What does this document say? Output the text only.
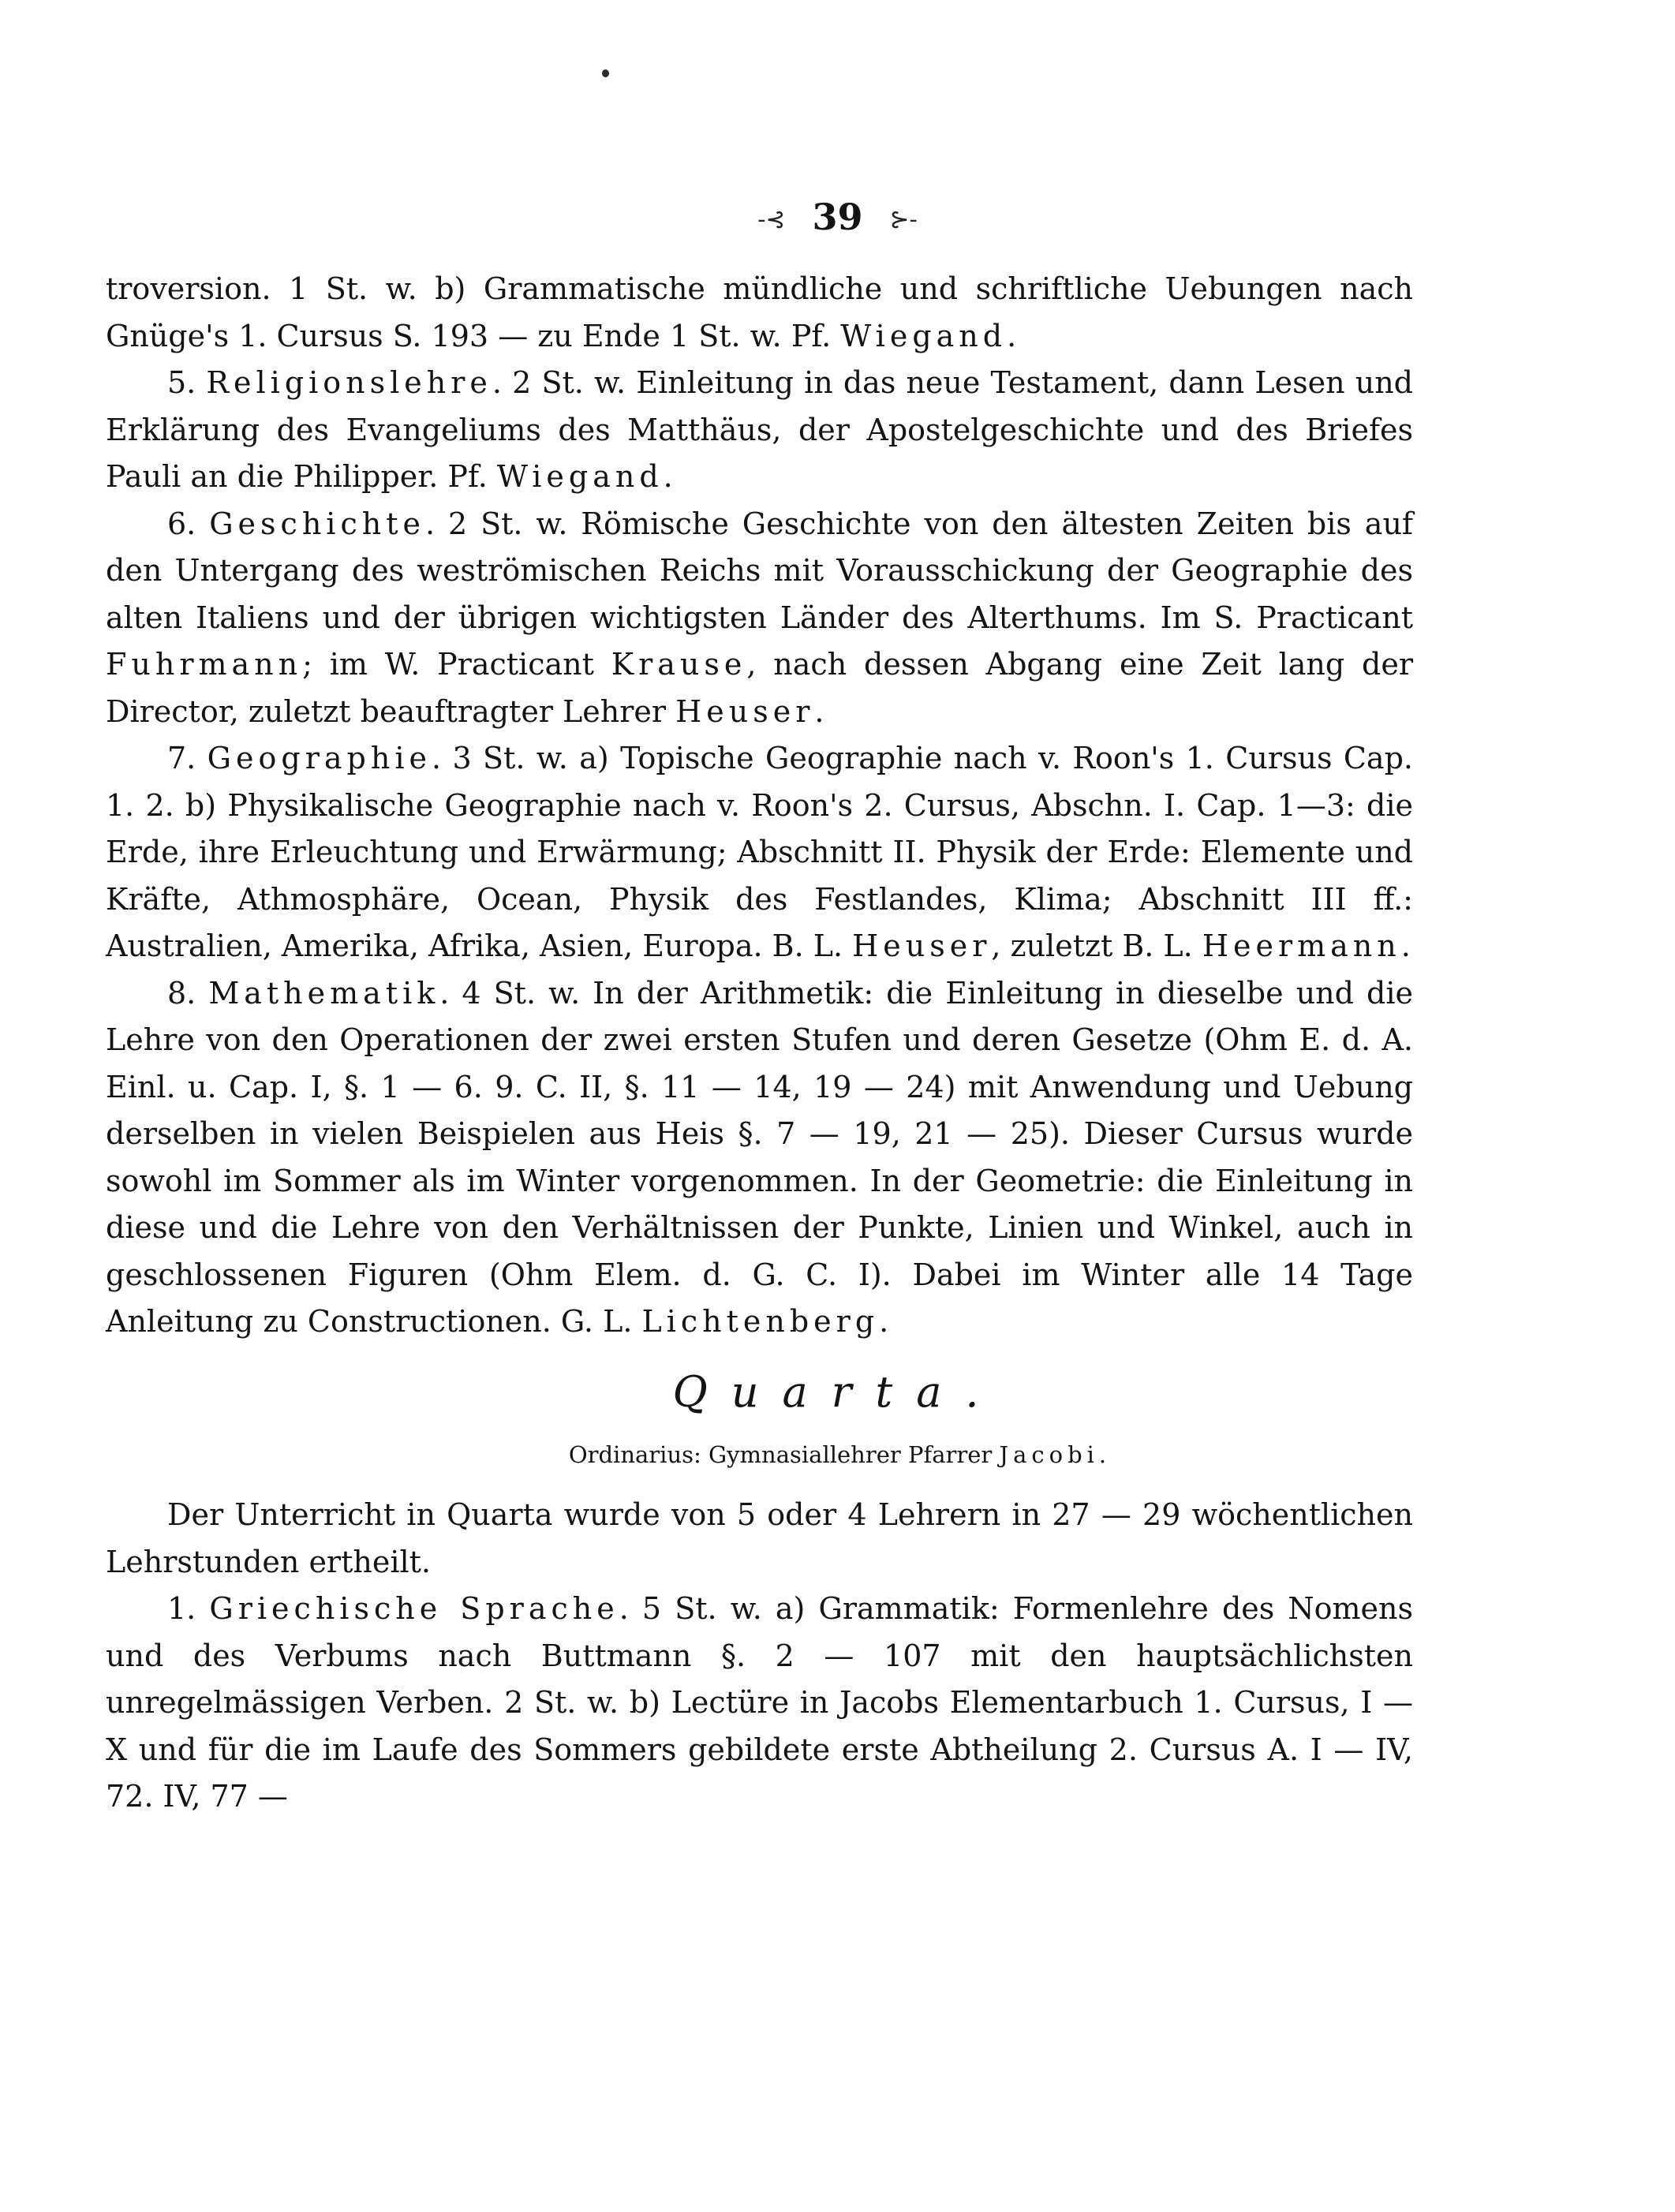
-⊰ 39 ⊱-

troversion. 1 St. w. b) Grammatische mündliche und schriftliche Uebungen nach Gnüge's 1. Cursus S. 193 — zu Ende 1 St. w. Pf. Wiegand.

5. Religionslehre. 2 St. w. Einleitung in das neue Testament, dann Lesen und Erklärung des Evangeliums des Matthäus, der Apostelgeschichte und des Briefes Pauli an die Philipper. Pf. Wiegand.

6. Geschichte. 2 St. w. Römische Geschichte von den ältesten Zeiten bis auf den Untergang des weströmischen Reichs mit Vorausschickung der Geographie des alten Italiens und der übrigen wichtigsten Länder des Alterthums. Im S. Practicant Fuhrmann; im W. Practicant Krause, nach dessen Abgang eine Zeit lang der Director, zuletzt beauftragter Lehrer Heuser.

7. Geographie. 3 St. w. a) Topische Geographie nach v. Roon's 1. Cursus Cap. 1. 2. b) Physikalische Geographie nach v. Roon's 2. Cursus, Abschn. I. Cap. 1—3: die Erde, ihre Erleuchtung und Erwärmung; Abschnitt II. Physik der Erde: Elemente und Kräfte, Athmosphäre, Ocean, Physik des Festlandes, Klima; Abschnitt III ff.: Australien, Amerika, Afrika, Asien, Europa. B. L. Heuser, zuletzt B. L. Heermann.

8. Mathematik. 4 St. w. In der Arithmetik: die Einleitung in dieselbe und die Lehre von den Operationen der zwei ersten Stufen und deren Gesetze (Ohm E. d. A. Einl. u. Cap. I, §. 1 — 6. 9. C. II, §. 11 — 14, 19 — 24) mit Anwendung und Uebung derselben in vielen Beispielen aus Heis §. 7 — 19, 21 — 25). Dieser Cursus wurde sowohl im Sommer als im Winter vorgenommen. In der Geometrie: die Einleitung in diese und die Lehre von den Verhältnissen der Punkte, Linien und Winkel, auch in geschlossenen Figuren (Ohm Elem. d. G. C. I). Dabei im Winter alle 14 Tage Anleitung zu Constructionen. G. L. Lichtenberg.

Quarta.
Ordinarius: Gymnasiallehrer Pfarrer Jacobi.

Der Unterricht in Quarta wurde von 5 oder 4 Lehrern in 27 — 29 wöchentlichen Lehrstunden ertheilt.

1. Griechische Sprache. 5 St. w. a) Grammatik: Formenlehre des Nomens und des Verbums nach Buttmann §. 2 — 107 mit den hauptsächlichsten unregelmässigen Verben. 2 St. w. b) Lectüre in Jacobs Elementarbuch 1. Cursus, I — X und für die im Laufe des Sommers gebildete erste Abtheilung 2. Cursus A. I — IV, 72. IV, 77 —
